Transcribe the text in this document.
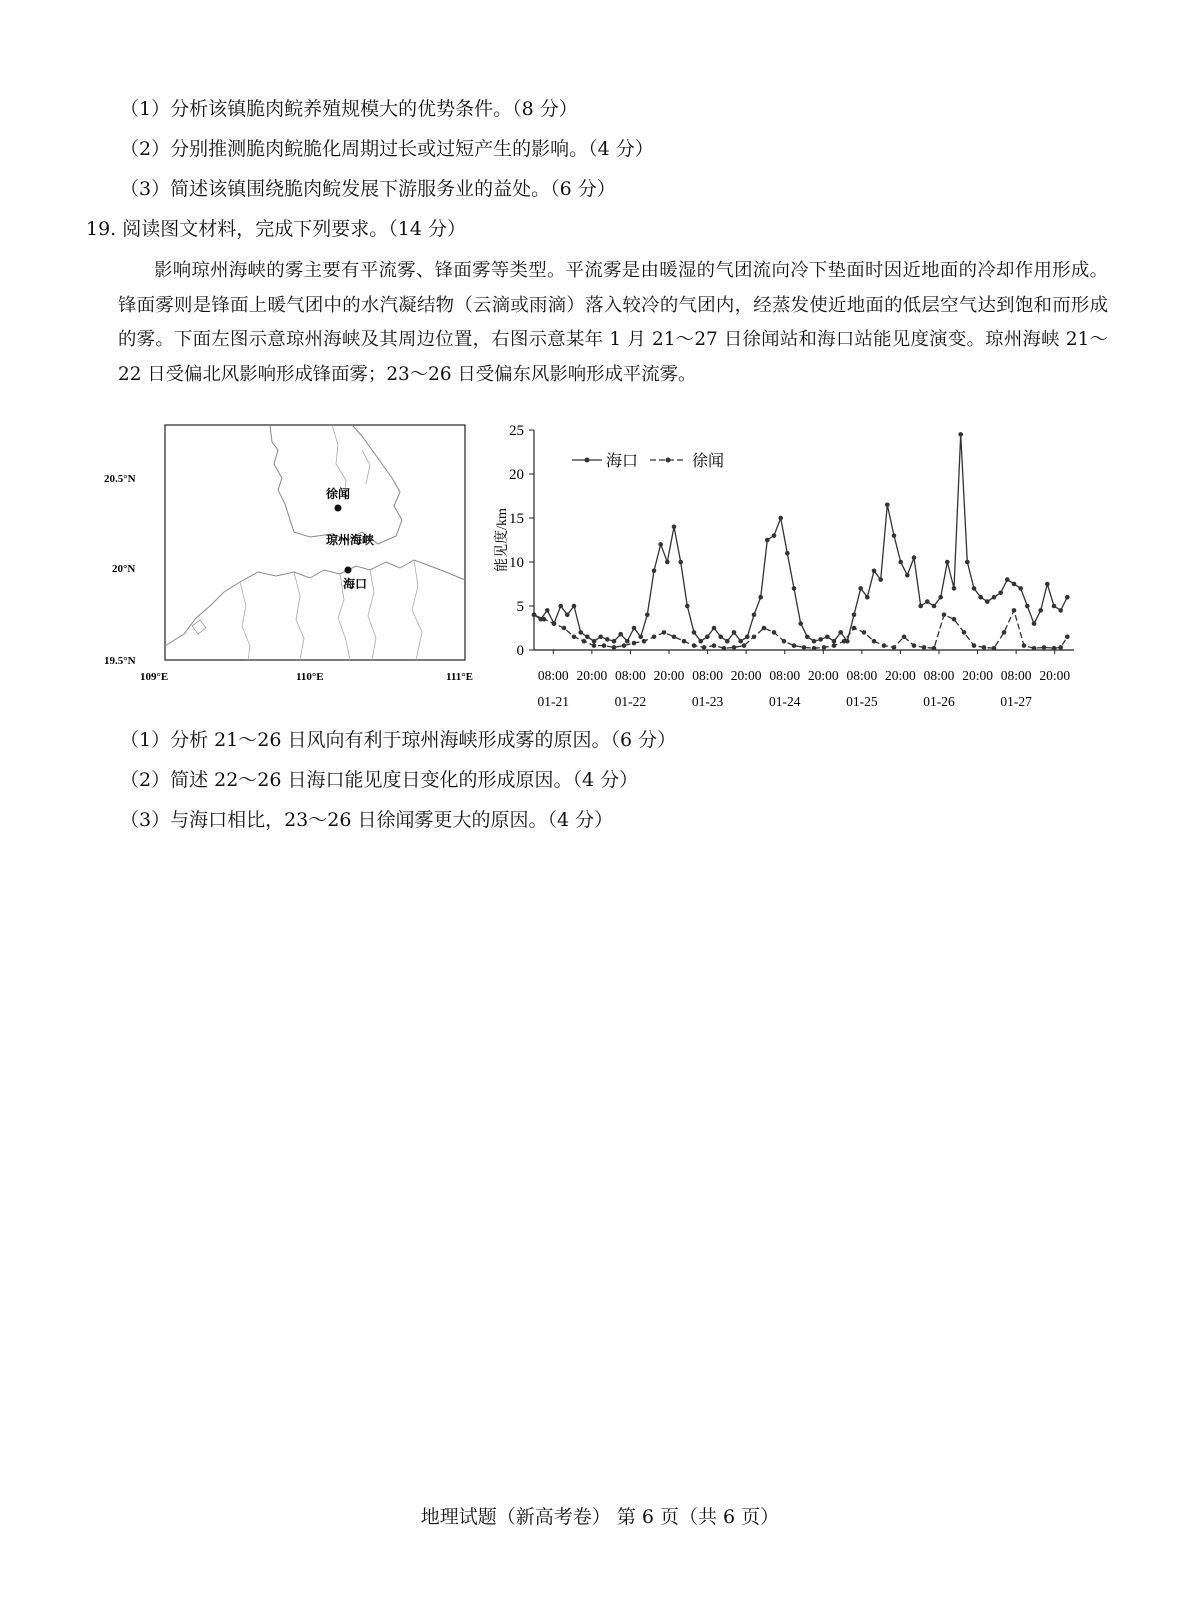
（1）分析该镇脆肉鲩养殖规模大的优势条件。（8 分）
（2）分别推测脆肉鲩脆化周期过长或过短产生的影响。（4 分）
（3）简述该镇围绕脆肉鲩发展下游服务业的益处。（6 分）
19. 阅读图文材料，完成下列要求。（14 分）
影响琼州海峡的雾主要有平流雾、锋面雾等类型。平流雾是由暖湿的气团流向冷下垫面时因近地面的冷却作用形成。锋面雾则是锋面上暖气团中的水汽凝结物（云滴或雨滴）落入较冷的气团内，经蒸发使近地面的低层空气达到饱和而形成的雾。下面左图示意琼州海峡及其周边位置，右图示意某年 1 月 21～27 日徐闻站和海口站能见度演变。琼州海峡 21～22 日受偏北风影响形成锋面雾；23～26 日受偏东风影响形成平流雾。
20.5°N
20°N
19.5°N
109°E	110°E	111°E
徐闻
琼州海峡
海口
0
5
10
15
20
25
能见度/km
08:00 20:00 08:00 20:00 08:00 20:00 08:00 20:00 08:00 20:00 08:00 20:00 08:00 20:00
01-21	01-22	01-23	01-24	01-25	01-26	01-27
海口	徐闻
（1）分析 21～26 日风向有利于琼州海峡形成雾的原因。（6 分）
（2）简述 22～26 日海口能见度日变化的形成原因。（4 分）
（3）与海口相比，23～26 日徐闻雾更大的原因。（4 分）
地理试题（新高考卷） 第 6 页（共 6 页）
